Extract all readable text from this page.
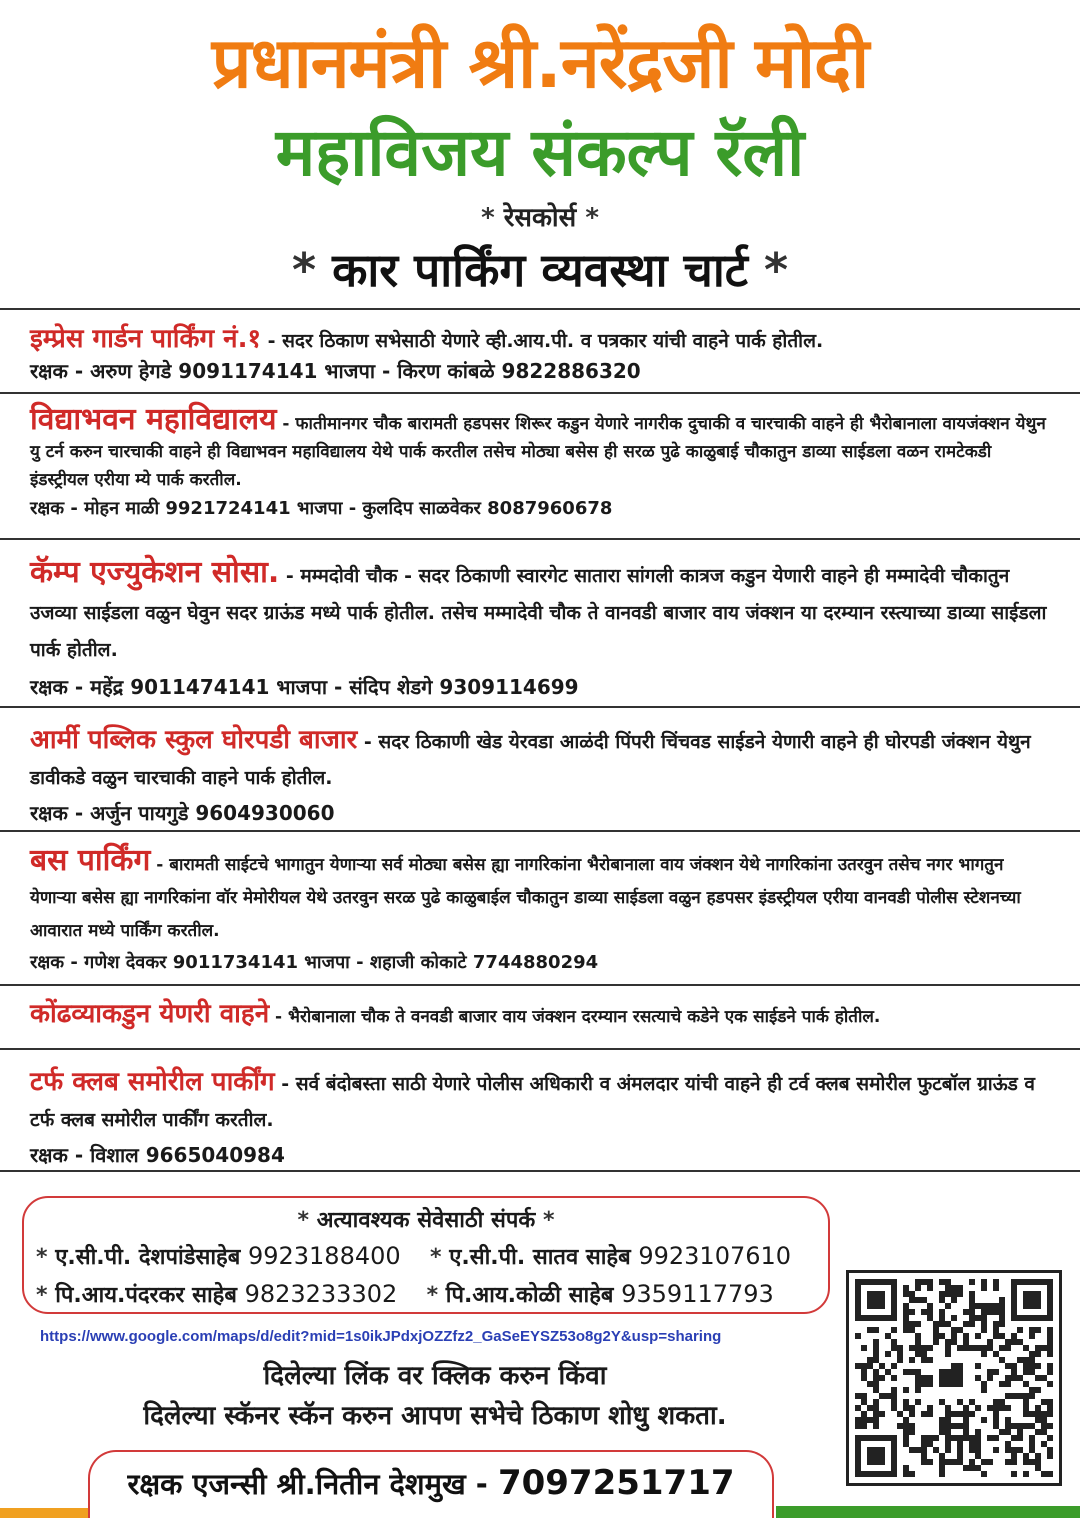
प्रधानमंत्री श्री.नरेंद्रजी मोदी
महाविजय संकल्प रॅली
* रेसकोर्स *
* कार पार्किंग व्यवस्था चार्ट *

इम्प्रेस गार्डन पार्किंग नं.१ - सदर ठिकाण सभेसाठी येणारे व्ही.आय.पी. व पत्रकार यांची वाहने पार्क होतील.

रक्षक - अरुण हेगडे 9091174141 भाजपा - किरण कांबळे 9822886320

विद्याभवन महाविद्यालय - फातीमानगर चौक बारामती हडपसर शिरूर कडुन येणारे नागरीक दुचाकी व चारचाकी वाहने ही भैरोबानाला वायजंक्शन येथुन यु टर्न करुन चारचाकी वाहने ही विद्याभवन महाविद्यालय येथे पार्क करतील तसेच मोठ्या बसेस ही सरळ पुढे काळुबाई चौकातुन डाव्या साईडला वळन रामटेकडी इंडस्ट्रीयल एरीया म्ये पार्क करतील.

रक्षक - मोहन माळी 9921724141 भाजपा - कुलदिप साळवेकर 8087960678

कॅम्प एज्युकेशन सोसा. - मम्मदोवी चौक - सदर ठिकाणी स्वारगेट सातारा सांगली कात्रज कडुन येणारी वाहने ही मम्मादेवी चौकातुन उजव्या साईडला वळुन घेवुन सदर ग्राऊंड मध्ये पार्क होतील. तसेच मम्मादेवी चौक ते वानवडी बाजार वाय जंक्शन या दरम्यान रस्त्याच्या डाव्या साईडला पार्क होतील.

रक्षक - महेंद्र 9011474141 भाजपा - संदिप शेडगे 9309114699

आर्मी पब्लिक स्कुल घोरपडी बाजार - सदर ठिकाणी खेड येरवडा आळंदी पिंपरी चिंचवड साईडने येणारी वाहने ही घोरपडी जंक्शन येथुन डावीकडे वळुन चारचाकी वाहने पार्क होतील.

रक्षक - अर्जुन पायगुडे 9604930060

बस पार्किंग - बारामती साईटचे भागातुन येणाऱ्या सर्व मोठ्या बसेस ह्या नागरिकांना भैरोबानाला वाय जंक्शन येथे नागरिकांना उतरवुन तसेच नगर भागतुन येणाऱ्या बसेस ह्या नागरिकांना वॉर मेमोरीयल येथे उतरवुन सरळ पुढे काळुबाईल चौकातुन डाव्या साईडला वळुन हडपसर इंडस्ट्रीयल एरीया वानवडी पोलीस स्टेशनच्या आवारात मध्ये पार्किंग करतील.

रक्षक - गणेश देवकर 9011734141 भाजपा - शहाजी कोकाटे 7744880294

कोंढव्याकडुन येणरी वाहने - भैरोबानाला चौक ते वनवडी बाजार वाय जंक्शन दरम्यान रसत्याचे कडेने एक साईडने पार्क होतील.

टर्फ क्लब समोरील पार्कींग - सर्व बंदोबस्ता साठी येणारे पोलीस अधिकारी व अंमलदार यांची वाहने ही टर्व क्लब समोरील फुटबॉल ग्राऊंड व टर्फ क्लब समोरील पार्कींग करतील.

रक्षक - विशाल 9665040984

* अत्यावश्यक सेवेसाठी संपर्क *

* ए.सी.पी. देशपांडेसाहेब 9923188400 * ए.सी.पी. सातव साहेब 9923107610

* पि.आय.पंदरकर साहेब 9823233302 * पि.आय.कोळी साहेब 9359117793

https://www.google.com/maps/d/edit?mid=1s0ikJPdxjOZZfz2_GaSeEYSZ53o8g2Y&usp=sharing
दिलेल्या लिंक वर क्लिक करुन किंवा
दिलेल्या स्कॅनर स्कॅन करुन आपण सभेचे ठिकाण शोधु शकता.
रक्षक एजन्सी श्री.नितीन देशमुख - 7097251717
